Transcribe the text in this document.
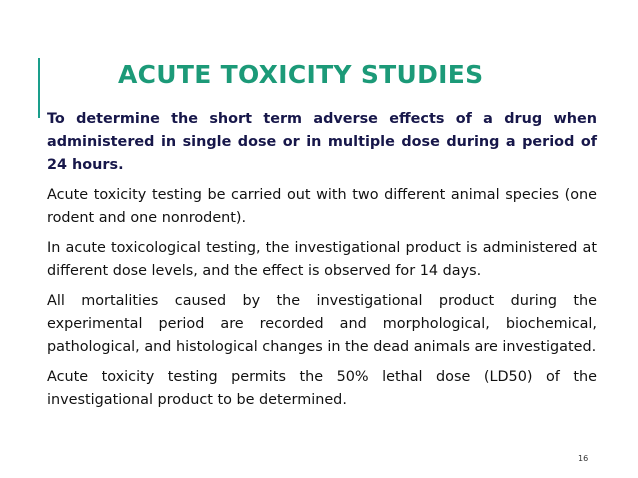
ACUTE TOXICITY STUDIES

To determine the short term adverse effects of a drug when administered in single dose or in multiple dose during a period of 24 hours.

Acute toxicity testing be carried out with two different animal species (one rodent and one nonrodent).

In acute toxicological testing, the investigational product is administered at different dose levels, and the effect is observed for 14 days.

All mortalities caused by the investigational product during the experimental period are recorded and morphological, biochemical, pathological, and histological changes in the dead animals are investigated.

Acute toxicity testing permits the 50% lethal dose (LD50) of the investigational product to be determined.

16
